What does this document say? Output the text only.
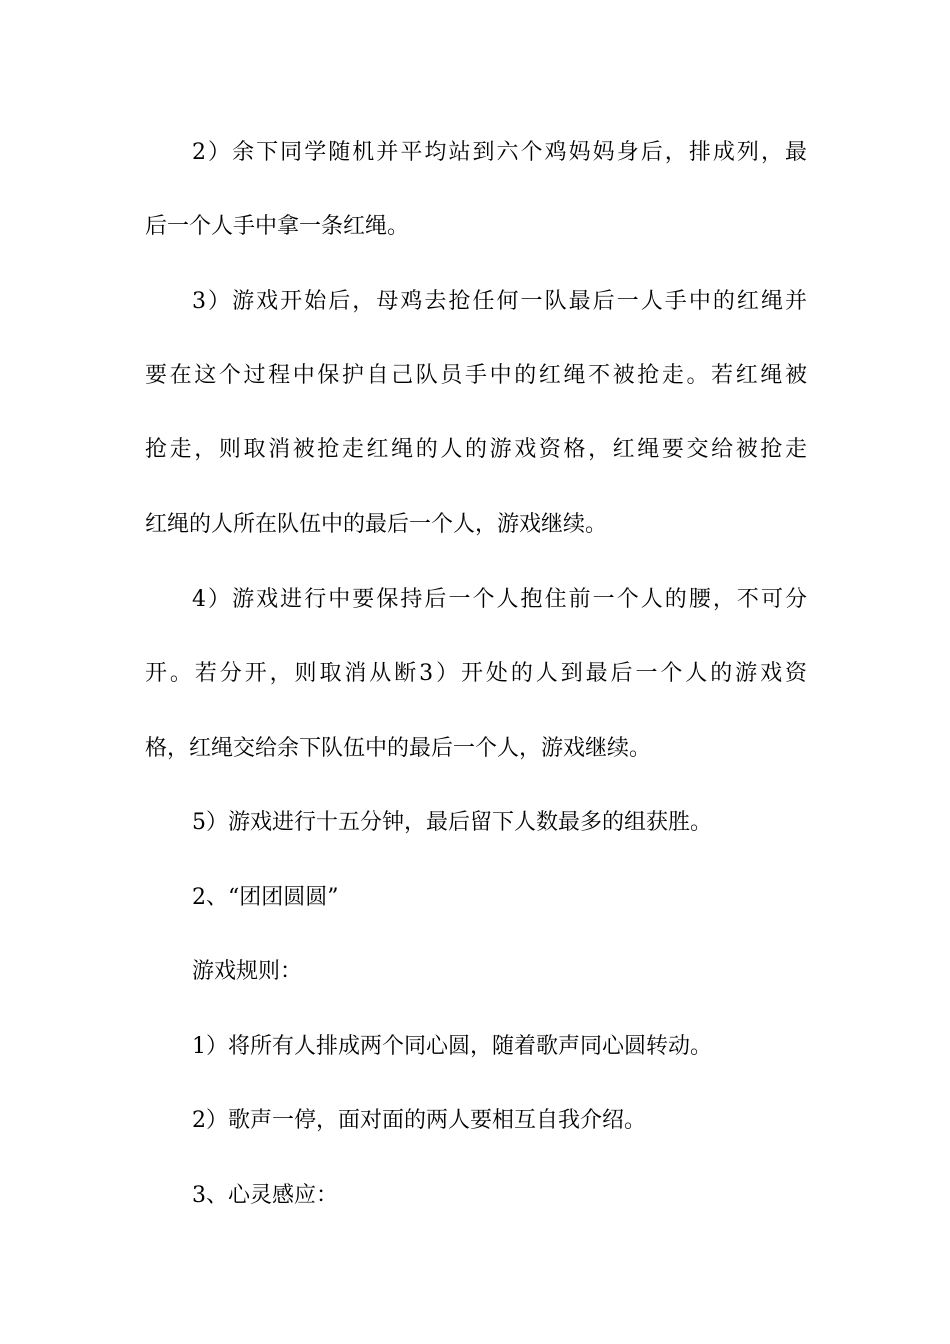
2）余下同学随机并平均站到六个鸡妈妈身后，排成列，最
后一个人手中拿一条红绳。
3）游戏开始后，母鸡去抢任何一队最后一人手中的红绳并
要在这个过程中保护自己队员手中的红绳不被抢走。若红绳被
抢走，则取消被抢走红绳的人的游戏资格，红绳要交给被抢走
红绳的人所在队伍中的最后一个人，游戏继续。
4）游戏进行中要保持后一个人抱住前一个人的腰，不可分
开。若分开，则取消从断3）开处的人到最后一个人的游戏资
格，红绳交给余下队伍中的最后一个人，游戏继续。
5）游戏进行十五分钟，最后留下人数最多的组获胜。
2、“团团圆圆”
游戏规则：
1）将所有人排成两个同心圆，随着歌声同心圆转动。
2）歌声一停，面对面的两人要相互自我介绍。
3、心灵感应：
